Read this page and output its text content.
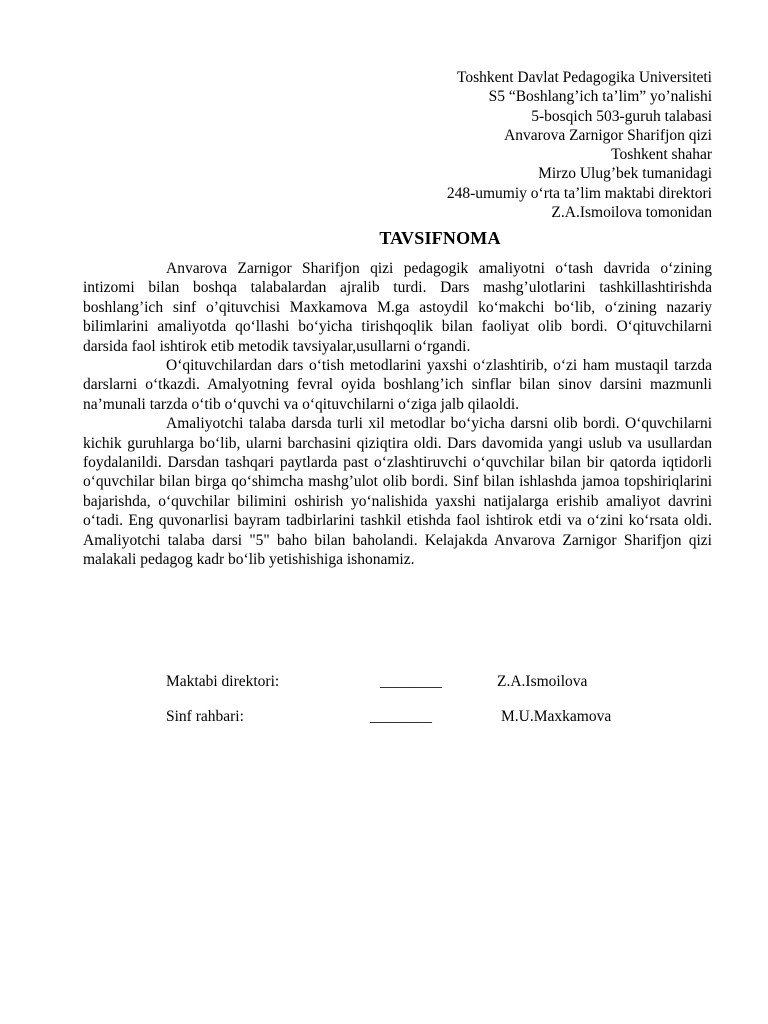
Toshkent Davlat Pedagogika Universiteti
S5 “Boshlang’ich ta’lim” yo’nalishi
5-bosqich 503-guruh talabasi
Anvarova Zarnigor Sharifjon qizi
Toshkent shahar
Mirzo Ulug’bek tumanidagi
248-umumiy o‘rta ta’lim maktabi direktori
Z.A.Ismoilova tomonidan
TAVSIFNOMA

Anvarova Zarnigor Sharifjon qizi pedagogik amaliyotni o‘tash davrida o‘zining intizomi bilan boshqa talabalardan ajralib turdi. Dars mashg’ulotlarini tashkillashtirishda boshlang’ich sinf o’qituvchisi Maxkamova M.ga astoydil ko‘makchi bo‘lib, o‘zining nazariy bilimlarini amaliyotda qo‘llashi bo‘yicha tirishqoqlik bilan faoliyat olib bordi. O‘qituvchilarni darsida faol ishtirok etib metodik tavsiyalar,usullarni o‘rgandi.

O‘qituvchilardan dars o‘tish metodlarini yaxshi o‘zlashtirib, o‘zi ham mustaqil tarzda darslarni o‘tkazdi. Amalyotning fevral oyida boshlang’ich sinflar bilan sinov darsini mazmunli na’munali tarzda o‘tib o‘quvchi va o‘qituvchilarni o‘ziga jalb qilaoldi.

Amaliyotchi talaba darsda turli xil metodlar bo‘yicha darsni olib bordi. O‘quvchilarni kichik guruhlarga bo‘lib, ularni barchasini qiziqtira oldi. Dars davomida yangi uslub va usullardan foydalanildi. Darsdan tashqari paytlarda past o‘zlashtiruvchi o‘quvchilar bilan bir qatorda iqtidorli o‘quvchilar bilan birga qo‘shimcha mashg’ulot olib bordi. Sinf bilan ishlashda jamoa topshiriqlarini bajarishda, o‘quvchilar bilimini oshirish yo‘nalishida yaxshi natijalarga erishib amaliyot davrini o‘tadi. Eng quvonarlisi bayram tadbirlarini tashkil etishda faol ishtirok etdi va o‘zini ko‘rsata oldi. Amaliyotchi talaba darsi "5" baho bilan baholandi. Kelajakda Anvarova Zarnigor Sharifjon qizi malakali pedagog kadr bo‘lib yetishishiga ishonamiz.

Maktabi direktori:	________	Z.A.Ismoilova
Sinf rahbari:	________	M.U.Maxkamova
